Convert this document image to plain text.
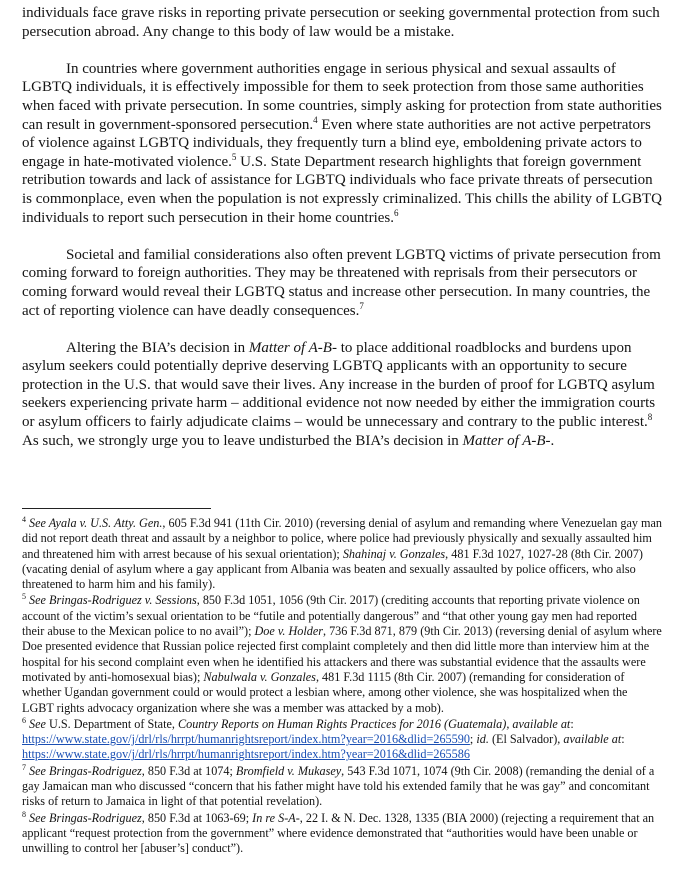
individuals face grave risks in reporting private persecution or seeking governmental protection from such persecution abroad. Any change to this body of law would be a mistake.

In countries where government authorities engage in serious physical and sexual assaults of LGBTQ individuals, it is effectively impossible for them to seek protection from those same authorities when faced with private persecution. In some countries, simply asking for protection from state authorities can result in government-sponsored persecution.$^4$ Even where state authorities are not active perpetrators of violence against LGBTQ individuals, they frequently turn a blind eye, emboldening private actors to engage in hate-motivated violence.$^5$ U.S. State Department research highlights that foreign government retribution towards and lack of assistance for LGBTQ individuals who face private threats of persecution is commonplace, even when the population is not expressly criminalized. This chills the ability of LGBTQ individuals to report such persecution in their home countries.$^6$

Societal and familial considerations also often prevent LGBTQ victims of private persecution from coming forward to foreign authorities. They may be threatened with reprisals from their persecutors or coming forward would reveal their LGBTQ status and increase other persecution. In many countries, the act of reporting violence can have deadly consequences.$^7$

Altering the BIA’s decision in Matter of A-B- to place additional roadblocks and burdens upon asylum seekers could potentially deprive deserving LGBTQ applicants with an opportunity to secure protection in the U.S. that would save their lives. Any increase in the burden of proof for LGBTQ asylum seekers experiencing private harm – additional evidence not now needed by either the immigration courts or asylum officers to fairly adjudicate claims – would be unnecessary and contrary to the public interest.$^8$ As such, we strongly urge you to leave undisturbed the BIA’s decision in Matter of A-B-.

$^4$ See Ayala v. U.S. Atty. Gen., 605 F.3d 941 (11th Cir. 2010) (reversing denial of asylum and remanding where Venezuelan gay man did not report death threat and assault by a neighbor to police, where police had previously physically and sexually assaulted him and threatened him with arrest because of his sexual orientation); Shahinaj v. Gonzales, 481 F.3d 1027, 1027-28 (8th Cir. 2007) (vacating denial of asylum where a gay applicant from Albania was beaten and sexually assaulted by police officers, who also threatened to harm him and his family).

$^5$ See Bringas-Rodriguez v. Sessions, 850 F.3d 1051, 1056 (9th Cir. 2017) (crediting accounts that reporting private violence on account of the victim’s sexual orientation to be “futile and potentially dangerous” and “that other young gay men had reported their abuse to the Mexican police to no avail”); Doe v. Holder, 736 F.3d 871, 879 (9th Cir. 2013) (reversing denial of asylum where Doe presented evidence that Russian police rejected first complaint completely and then did little more than interview him at the hospital for his second complaint even when he identified his attackers and there was substantial evidence that the assaults were motivated by anti-homosexual bias); Nabulwala v. Gonzales, 481 F.3d 1115 (8th Cir. 2007) (remanding for consideration of whether Ugandan government could or would protect a lesbian where, among other violence, she was hospitalized when the LGBT rights advocacy organization where she was a member was attacked by a mob).

$^6$ See U.S. Department of State, Country Reports on Human Rights Practices for 2016 (Guatemala), available at: https://www.state.gov/j/drl/rls/hrrpt/humanrightsreport/index.htm?year=2016&dlid=265590; id. (El Salvador), available at: https://www.state.gov/j/drl/rls/hrrpt/humanrightsreport/index.htm?year=2016&dlid=265586

$^7$ See Bringas-Rodriguez, 850 F.3d at 1074; Bromfield v. Mukasey, 543 F.3d 1071, 1074 (9th Cir. 2008) (remanding the denial of a gay Jamaican man who discussed “concern that his father might have told his extended family that he was gay” and concomitant risks of return to Jamaica in light of that potential revelation).

$^8$ See Bringas-Rodriguez, 850 F.3d at 1063-69; In re S-A-, 22 I. & N. Dec. 1328, 1335 (BIA 2000) (rejecting a requirement that an applicant “request protection from the government” where evidence demonstrated that “authorities would have been unable or unwilling to control her [abuser’s] conduct”).
